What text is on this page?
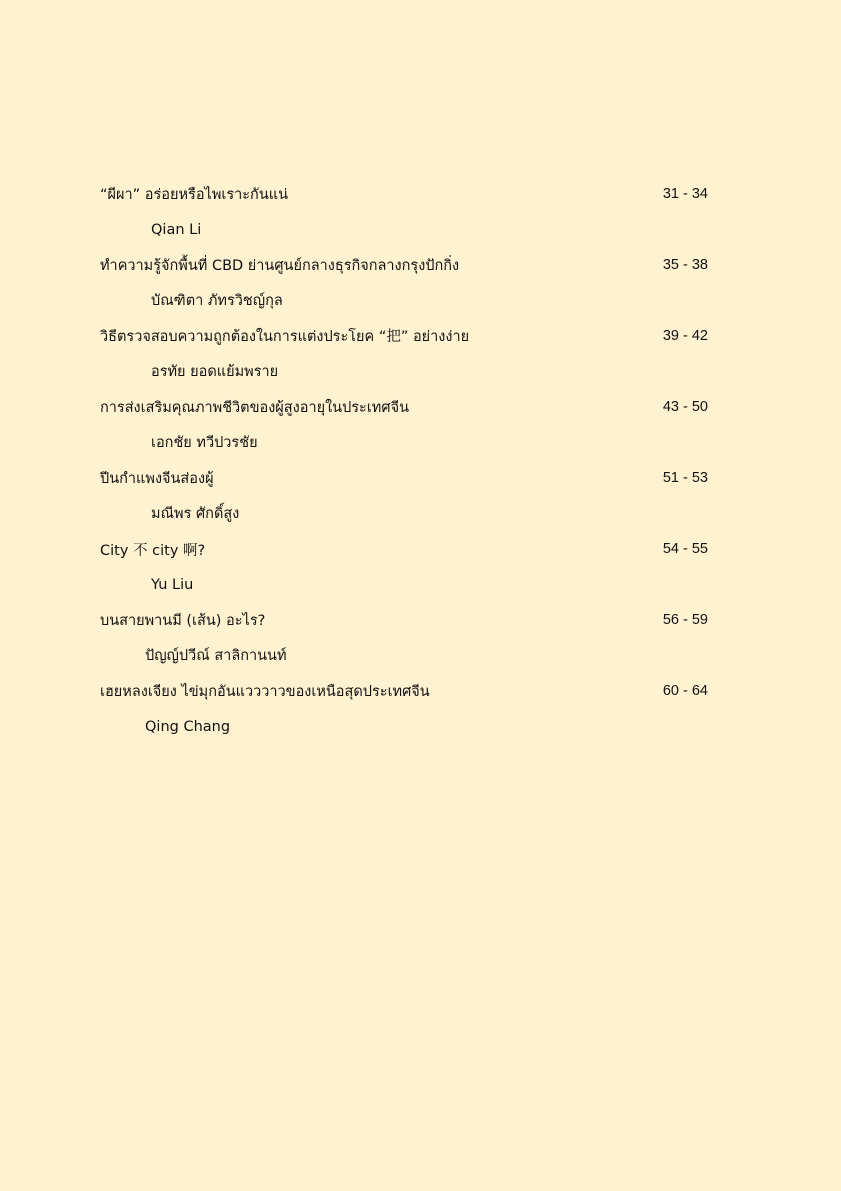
“ผีผา” อร่อยหรือไพเราะกันแน่	31 - 34
Qian Li
ทำความรู้จักพื้นที่ CBD ย่านศูนย์กลางธุรกิจกลางกรุงปักกิ่ง	35 - 38
บัณฑิตา ภัทรวิชญ์กุล
วิธีตรวจสอบความถูกต้องในการแต่งประโยค “把” อย่างง่าย	39 - 42
อรทัย ยอดแย้มพราย
การส่งเสริมคุณภาพชีวิตของผู้สูงอายุในประเทศจีน	43 - 50
เอกชัย ทวีปวรชัย
ปีนกำแพงจีนส่องผู้	51 - 53
มณีพร ศักดิ์สูง
City 不 city 啊?	54 - 55
Yu Liu
บนสายพานมี (เส้น) อะไร?	56 - 59
ปัญญ์ปวีณ์ สาลิกานนท์
เฮยหลงเจียง ไข่มุกอันแวววาวของเหนือสุดประเทศจีน	60 - 64
Qing Chang
